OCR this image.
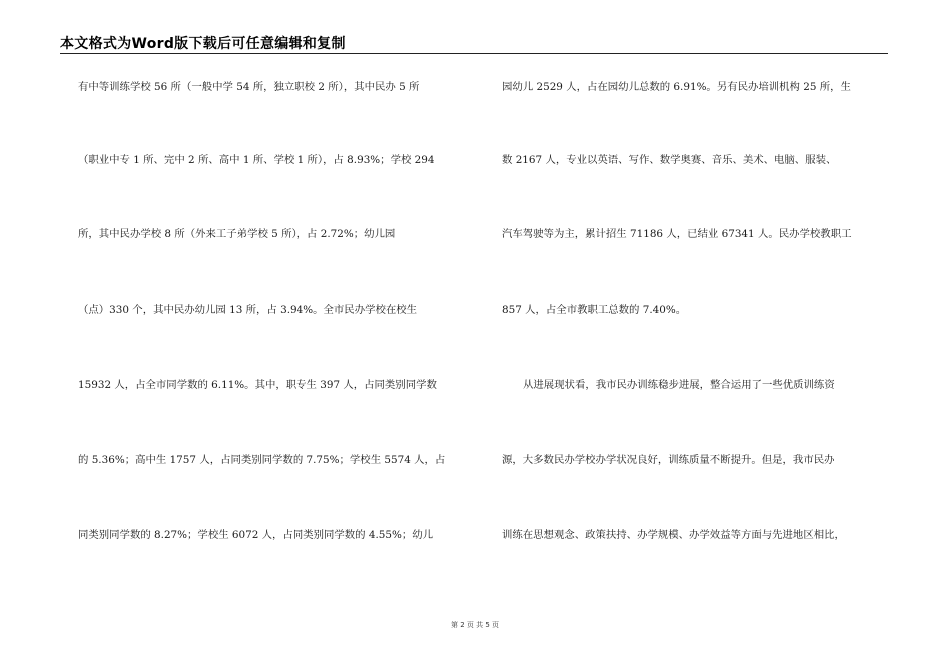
本文格式为Word版下载后可任意编辑和复制
有中等训练学校 56 所（一般中学 54 所，独立职校 2 所），其中民办 5 所
（职业中专 1 所、完中 2 所、高中 1 所、学校 1 所），占 8.93%；学校 294
所，其中民办学校 8 所（外来工子弟学校 5 所），占 2.72%；幼儿园
（点）330 个，其中民办幼儿园 13 所，占 3.94%。全市民办学校在校生
15932 人，占全市同学数的 6.11%。其中，职专生 397 人，占同类别同学数
的 5.36%；高中生 1757 人，占同类别同学数的 7.75%；学校生 5574 人，占
同类别同学数的 8.27%；学校生 6072 人，占同类别同学数的 4.55%；幼儿
园幼儿 2529 人，占在园幼儿总数的 6.91%。另有民办培训机构 25 所，生
数 2167 人，专业以英语、写作、数学奥赛、音乐、美术、电脑、服装、
汽车驾驶等为主，累计招生 71186 人，已结业 67341 人。民办学校教职工
857 人，占全市教职工总数的 7.40%。
从进展现状看，我市民办训练稳步进展，整合运用了一些优质训练资
源，大多数民办学校办学状况良好，训练质量不断提升。但是，我市民办
训练在思想观念、政策扶持、办学规模、办学效益等方面与先进地区相比，
第 2 页 共 5 页
